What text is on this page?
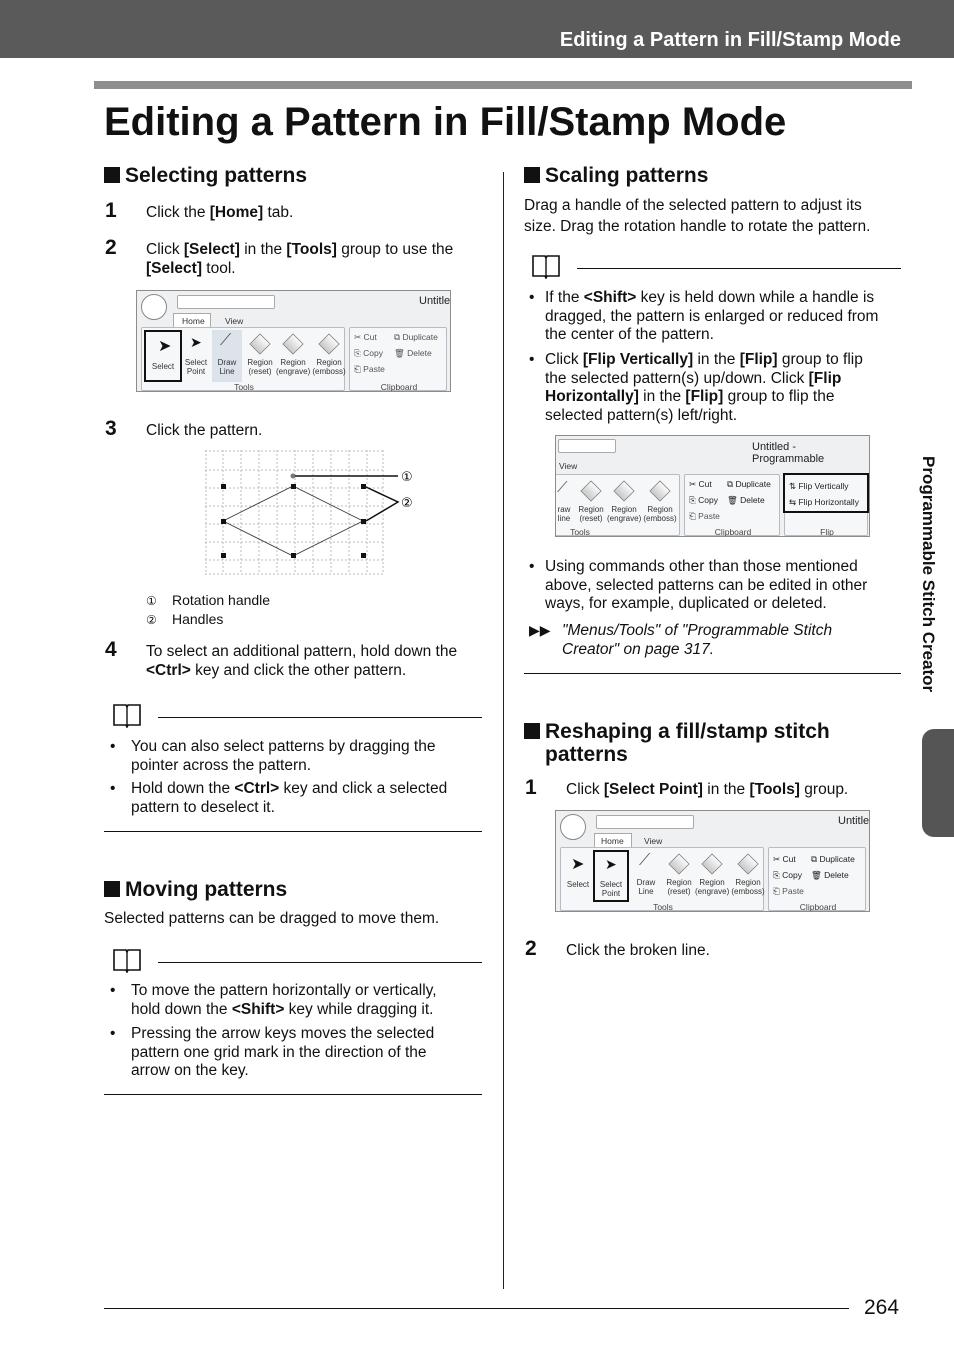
Editing a Pattern in Fill/Stamp Mode
Editing a Pattern in Fill/Stamp Mode
Selecting patterns
1	Click the [Home] tab.
2	Click [Select] in the [Tools] group to use the
[Select] tool.
Untitle
Home View
➤
Select
➤
Select
Point
⟋
Draw
Line
Region
(reset)
Region
(engrave)
Region
(emboss)
Tools
✂ Cut
⎘ Copy
⎗ Paste
⧉ Duplicate
🗑 Delete
Clipboard
3	Click the pattern.
①
②
① Rotation handle
② Handles
4	To select an additional pattern, hold down the
<Ctrl> key and click the other pattern.
• You can also select patterns by dragging the
pointer across the pattern.
• Hold down the <Ctrl> key and click a selected
pattern to deselect it.
Moving patterns
Selected patterns can be dragged to move them.
• To move the pattern horizontally or vertically,
hold down the <Shift> key while dragging it.
• Pressing the arrow keys moves the selected
pattern one grid mark in the direction of the
arrow on the key.
Scaling patterns
Drag a handle of the selected pattern to adjust its
size. Drag the rotation handle to rotate the pattern.
• If the <Shift> key is held down while a handle is
dragged, the pattern is enlarged or reduced from
the center of the pattern.
• Click [Flip Vertically] in the [Flip] group to flip
the selected pattern(s) up/down. Click [Flip
Horizontally] in the [Flip] group to flip the
selected pattern(s) left/right.
Untitled - Programmable
View
⟋
raw
line
Region
(reset)
Region
(engrave)
Region
(emboss)
Tools
✂ Cut
⎘ Copy
⎗ Paste
⧉ Duplicate
🗑 Delete
Clipboard
⇅ Flip Vertically
⇆ Flip Horizontally
Flip
• Using commands other than those mentioned
above, selected patterns can be edited in other
ways, for example, duplicated or deleted.
▶▶ "Menus/Tools" of "Programmable Stitch
Creator" on page 317.
Reshaping a fill/stamp stitch
patterns
1	Click [Select Point] in the [Tools] group.
Untitle
Home View
➤
Select
➤
Select
Point
⟋
Draw
Line
Region
(reset)
Region
(engrave)
Region
(emboss)
Tools
✂ Cut
⎘ Copy
⎗ Paste
⧉ Duplicate
🗑 Delete
Clipboard
2	Click the broken line.
Programmable Stitch Creator
264
